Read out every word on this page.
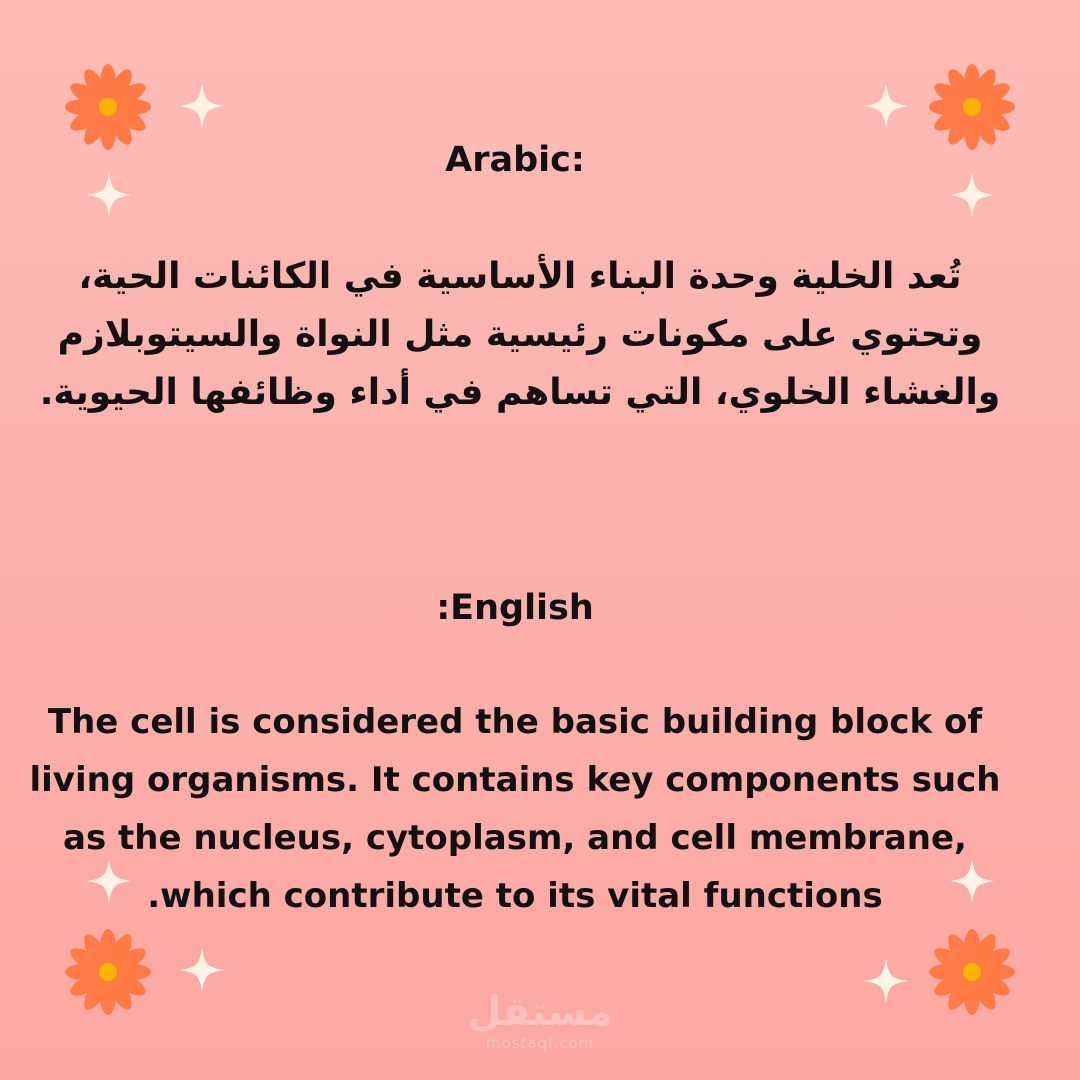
Arabic:

تُعد الخلية وحدة البناء الأساسية في الكائنات الحية،
وتحتوي على مكونات رئيسية مثل النواة والسيتوبلازم
والغشاء الخلوي، التي تساهم في أداء وظائفها الحيوية.

:English

The cell is considered the basic building block of
living organisms. It contains key components such
as the nucleus, cytoplasm, and cell membrane,
.which contribute to its vital functions

مستقل
mostaql.com
